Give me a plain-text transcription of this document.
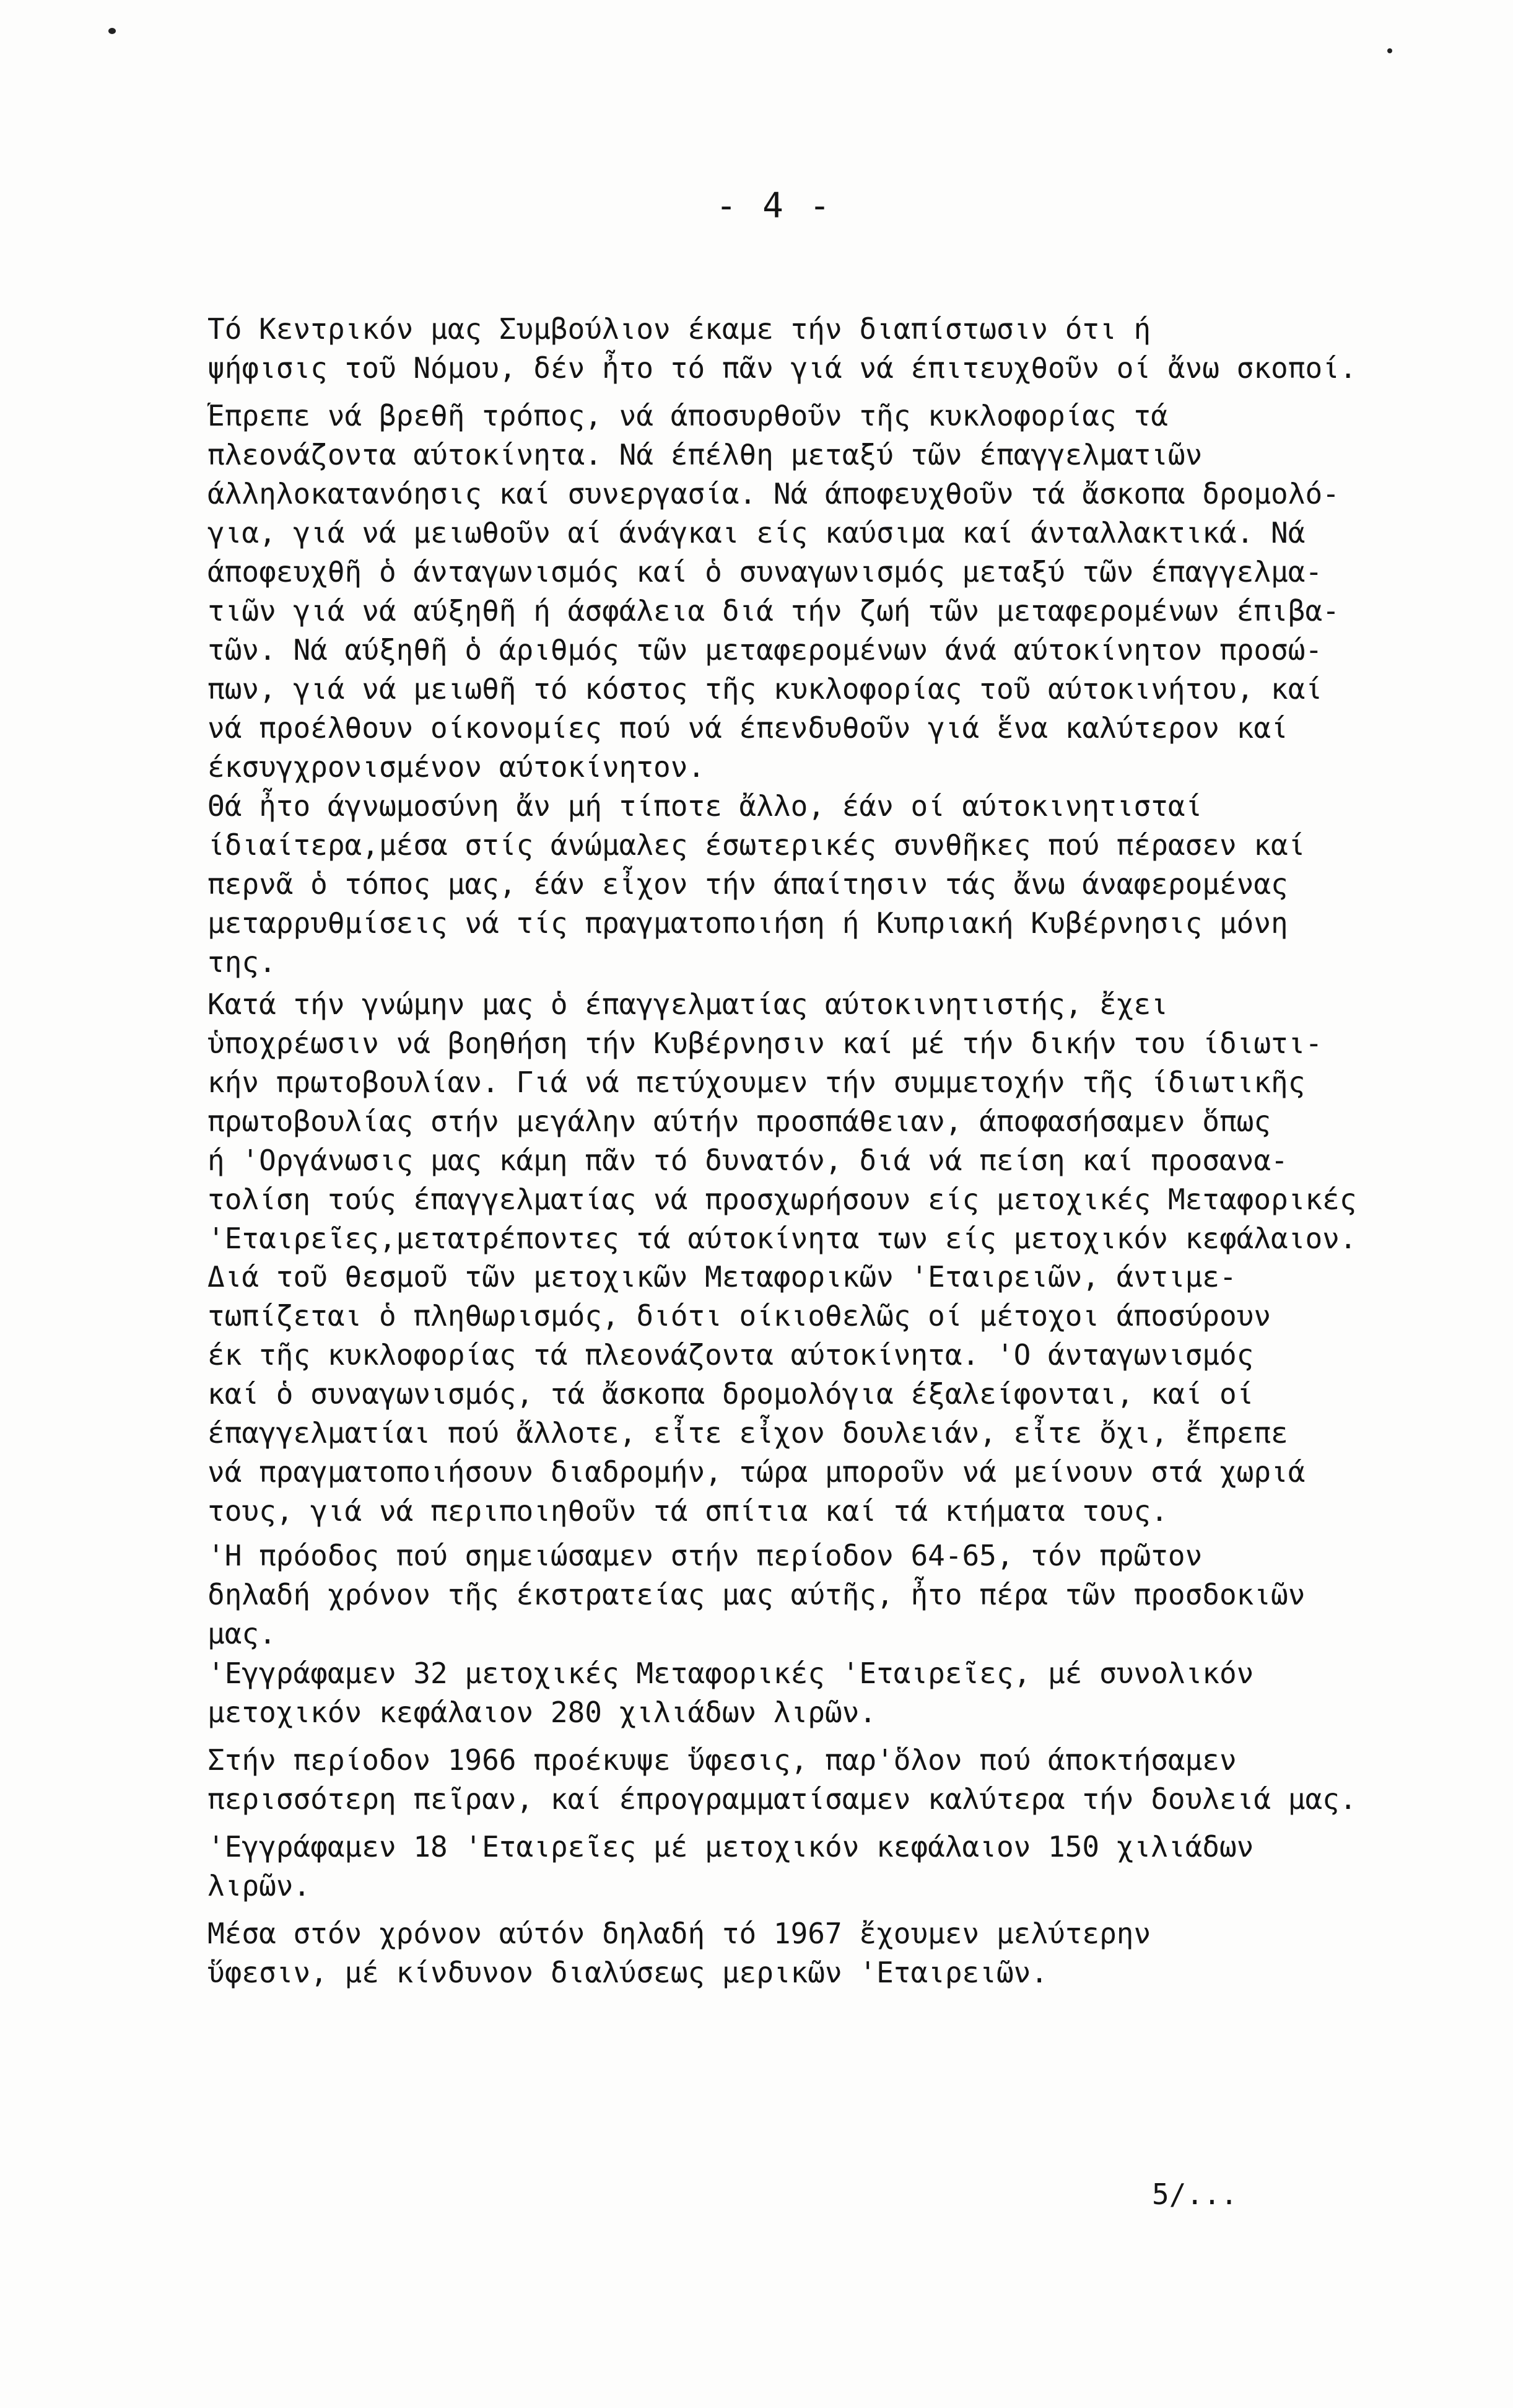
- 4 -
Τό Κεντρικόν μας Συμβούλιον έκαμε τήν διαπίστωσιν ότι ή
ψήφισις τοῦ Νόμου, δέν ἦτο τό πᾶν γιά νά έπιτευχθοῦν οί ἄνω σκοποί.
Ἔπρεπε νά βρεθῆ τρόπος, νά άποσυρθοῦν τῆς κυκλοφορίας τά
πλεονάζοντα αύτοκίνητα. Νά έπέλθη μεταξύ τῶν έπαγγελματιῶν
άλληλοκατανόησις καί συνεργασία. Νά άποφευχθοῦν τά ἄσκοπα δρομολό-
για, γιά νά μειωθοῦν αί άνάγκαι είς καύσιμα καί άνταλλακτικά. Νά
άποφευχθῆ ὁ άνταγωνισμός καί ὁ συναγωνισμός μεταξύ τῶν έπαγγελμα-
τιῶν γιά νά αύξηθῆ ή άσφάλεια διά τήν ζωή τῶν μεταφερομένων έπιβα-
τῶν. Νά αύξηθῆ ὁ άριθμός τῶν μεταφερομένων άνά αύτοκίνητον προσώ-
πων, γιά νά μειωθῆ τό κόστος τῆς κυκλοφορίας τοῦ αύτοκινήτου, καί
νά προέλθουν οίκονομίες πού νά έπενδυθοῦν γιά ἕνα καλύτερον καί
έκσυγχρονισμένον αύτοκίνητον.
Θά ἦτο άγνωμοσύνη ἄν μή τίποτε ἄλλο, έάν οί αύτοκινητισταί
ίδιαίτερα,μέσα στίς άνώμαλες έσωτερικές συνθῆκες πού πέρασεν καί
περνᾶ ὁ τόπος μας, έάν εἶχον τήν άπαίτησιν τάς ἄνω άναφερομένας
μεταρρυθμίσεις νά τίς πραγματοποιήση ή Κυπριακή Κυβέρνησις μόνη
της.
Κατά τήν γνώμην μας ὁ έπαγγελματίας αύτοκινητιστής, ἔχει
ὑποχρέωσιν νά βοηθήση τήν Κυβέρνησιν καί μέ τήν δικήν του ίδιωτι-
κήν πρωτοβουλίαν. Γιά νά πετύχουμεν τήν συμμετοχήν τῆς ίδιωτικῆς
πρωτοβουλίας στήν μεγάλην αύτήν προσπάθειαν, άποφασήσαμεν ὅπως
ή 'Οργάνωσις μας κάμη πᾶν τό δυνατόν, διά νά πείση καί προσανα-
τολίση τούς έπαγγελματίας νά προσχωρήσουν είς μετοχικές Μεταφορικές
'Εταιρεῖες,μετατρέποντες τά αύτοκίνητα των είς μετοχικόν κεφάλαιον.
Διά τοῦ θεσμοῦ τῶν μετοχικῶν Μεταφορικῶν 'Εταιρειῶν, άντιμε-
τωπίζεται ὁ πληθωρισμός, διότι οίκιοθελῶς οί μέτοχοι άποσύρουν
έκ τῆς κυκλοφορίας τά πλεονάζοντα αύτοκίνητα. 'Ο άνταγωνισμός
καί ὁ συναγωνισμός, τά ἄσκοπα δρομολόγια έξαλείφονται, καί οί
έπαγγελματίαι πού ἄλλοτε, εἶτε εἶχον δουλειάν, εἶτε ὄχι, ἔπρεπε
νά πραγματοποιήσουν διαδρομήν, τώρα μποροῦν νά μείνουν στά χωριά
τους, γιά νά περιποιηθοῦν τά σπίτια καί τά κτήματα τους.
'Η πρόοδος πού σημειώσαμεν στήν περίοδον 64-65, τόν πρῶτον
δηλαδή χρόνον τῆς έκστρατείας μας αύτῆς, ἦτο πέρα τῶν προσδοκιῶν
μας.
'Εγγράφαμεν 32 μετοχικές Μεταφορικές 'Εταιρεῖες, μέ συνολικόν
μετοχικόν κεφάλαιον 280 χιλιάδων λιρῶν.
Στήν περίοδον 1966 προέκυψε ὕφεσις, παρ'ὅλον πού άποκτήσαμεν
περισσότερη πεῖραν, καί έπρογραμματίσαμεν καλύτερα τήν δουλειά μας.
'Εγγράφαμεν 18 'Εταιρεῖες μέ μετοχικόν κεφάλαιον 150 χιλιάδων
λιρῶν.
Μέσα στόν χρόνον αύτόν δηλαδή τό 1967 ἔχουμεν μελύτερην
ὕφεσιν, μέ κίνδυνον διαλύσεως μερικῶν 'Εταιρειῶν.
5/...
